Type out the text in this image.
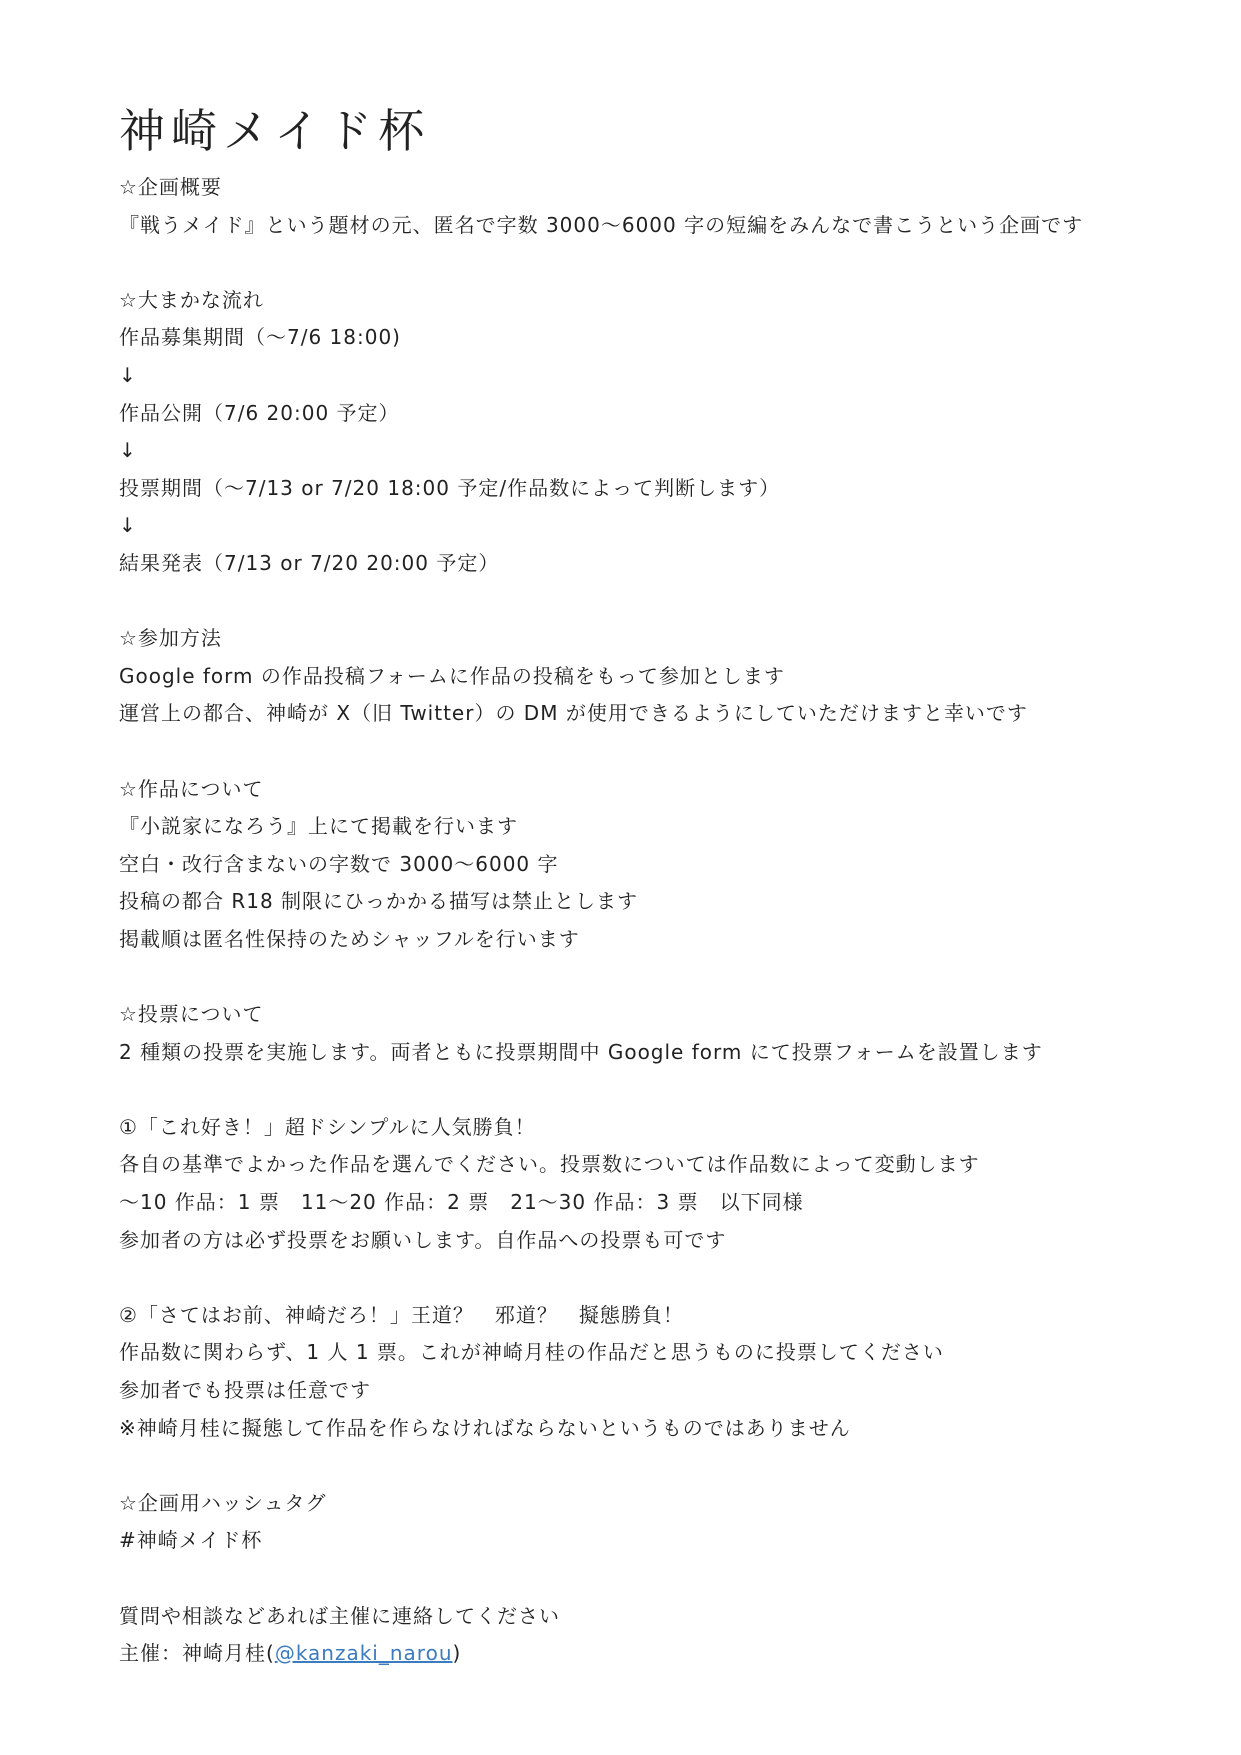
神崎メイド杯
☆企画概要
『戦うメイド』という題材の元、匿名で字数 3000～6000 字の短編をみんなで書こうという企画です
☆大まかな流れ
作品募集期間（～7/6 18:00)
↓
作品公開（7/6 20:00 予定）
↓
投票期間（～7/13 or 7/20 18:00 予定/作品数によって判断します）
↓
結果発表（7/13 or 7/20 20:00 予定）
☆参加方法
Google form の作品投稿フォームに作品の投稿をもって参加とします
運営上の都合、神崎が X（旧 Twitter）の DM が使用できるようにしていただけますと幸いです
☆作品について
『小説家になろう』上にて掲載を行います
空白・改行含まないの字数で 3000～6000 字
投稿の都合 R18 制限にひっかかる描写は禁止とします
掲載順は匿名性保持のためシャッフルを行います
☆投票について
2 種類の投票を実施します。両者ともに投票期間中 Google form にて投票フォームを設置します
①「これ好き！」超ドシンプルに人気勝負！
各自の基準でよかった作品を選んでください。投票数については作品数によって変動します
～10 作品：1 票　11～20 作品：2 票　21～30 作品：3 票　以下同様
参加者の方は必ず投票をお願いします。自作品への投票も可です
②「さてはお前、神崎だろ！」王道？　邪道？　擬態勝負！
作品数に関わらず、1 人 1 票。これが神崎月桂の作品だと思うものに投票してください
参加者でも投票は任意です
※神崎月桂に擬態して作品を作らなければならないというものではありません
☆企画用ハッシュタグ
#神崎メイド杯
質問や相談などあれば主催に連絡してください
主催：神崎月桂(@kanzaki_narou)
